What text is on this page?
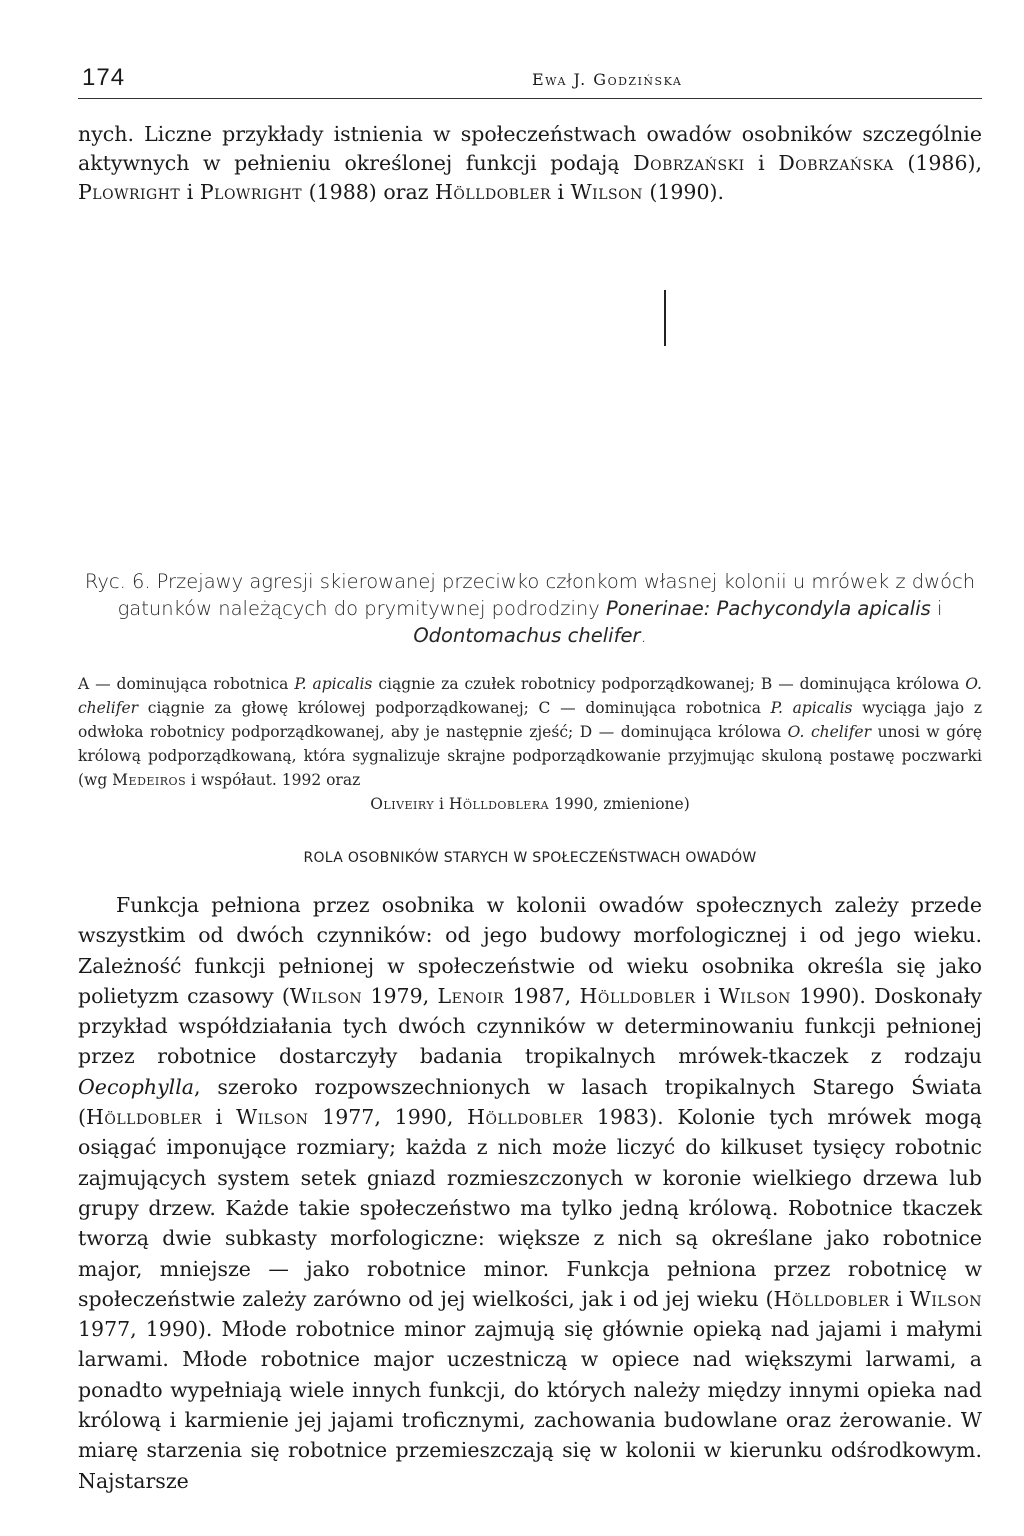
174	Ewa J. Godzińska

nych. Liczne przykłady istnienia w społeczeństwach owadów osobników szczególnie aktywnych w pełnieniu określonej funkcji podają Dobrzański i Dobrzańska (1986), Plowright i Plowright (1988) oraz Hölldobler i Wilson (1990).

Ryc. 6. Przejawy agresji skierowanej przeciwko członkom własnej kolonii u mrówek z dwóch gatunków należących do prymitywnej podrodziny Ponerinae: Pachycondyla apicalis i Odontomachus chelifer.

A — dominująca robotnica P. apicalis ciągnie za czułek robotnicy podporządkowanej; B — dominująca królowa O. chelifer ciągnie za głowę królowej podporządkowanej; C — dominująca robotnica P. apicalis wyciąga jajo z odwłoka robotnicy podporządkowanej, aby je następnie zjeść; D — dominująca królowa O. chelifer unosi w górę królową podporządkowaną, która sygnalizuje skrajne podporządkowanie przyjmując skuloną postawę poczwarki (wg Medeiros i współaut. 1992 oraz
Oliveiry i Hölldoblera 1990, zmienione)

ROLA OSOBNIKÓW STARYCH W SPOŁECZEŃSTWACH OWADÓW

Funkcja pełniona przez osobnika w kolonii owadów społecznych zależy przede wszystkim od dwóch czynników: od jego budowy morfologicznej i od jego wieku. Zależność funkcji pełnionej w społeczeństwie od wieku osobnika określa się jako polietyzm czasowy (Wilson 1979, Lenoir 1987, Hölldobler i Wilson 1990). Doskonały przykład współdziałania tych dwóch czynników w determinowaniu funkcji pełnionej przez robotnice dostarczyły badania tropikalnych mrówek-tkaczek z rodzaju Oecophylla, szeroko rozpowszechnionych w lasach tropikalnych Starego Świata (Hölldobler i Wilson 1977, 1990, Hölldobler 1983). Kolonie tych mrówek mogą osiągać imponujące rozmiary; każda z nich może liczyć do kilkuset tysięcy robotnic zajmujących system setek gniazd rozmieszczonych w koronie wielkiego drzewa lub grupy drzew. Każde takie społeczeństwo ma tylko jedną królową. Robotnice tkaczek tworzą dwie subkasty morfologiczne: większe z nich są określane jako robotnice major, mniejsze — jako robotnice minor. Funkcja pełniona przez robotnicę w społeczeństwie zależy zarówno od jej wielkości, jak i od jej wieku (Hölldobler i Wilson 1977, 1990). Młode robotnice minor zajmują się głównie opieką nad jajami i małymi larwami. Młode robotnice major uczestniczą w opiece nad większymi larwami, a ponadto wypełniają wiele innych funkcji, do których należy między innymi opieka nad królową i karmienie jej jajami troficznymi, zachowania budowlane oraz żerowanie. W miarę starzenia się robotnice przemieszczają się w kolonii w kierunku odśrodkowym. Najstarsze
